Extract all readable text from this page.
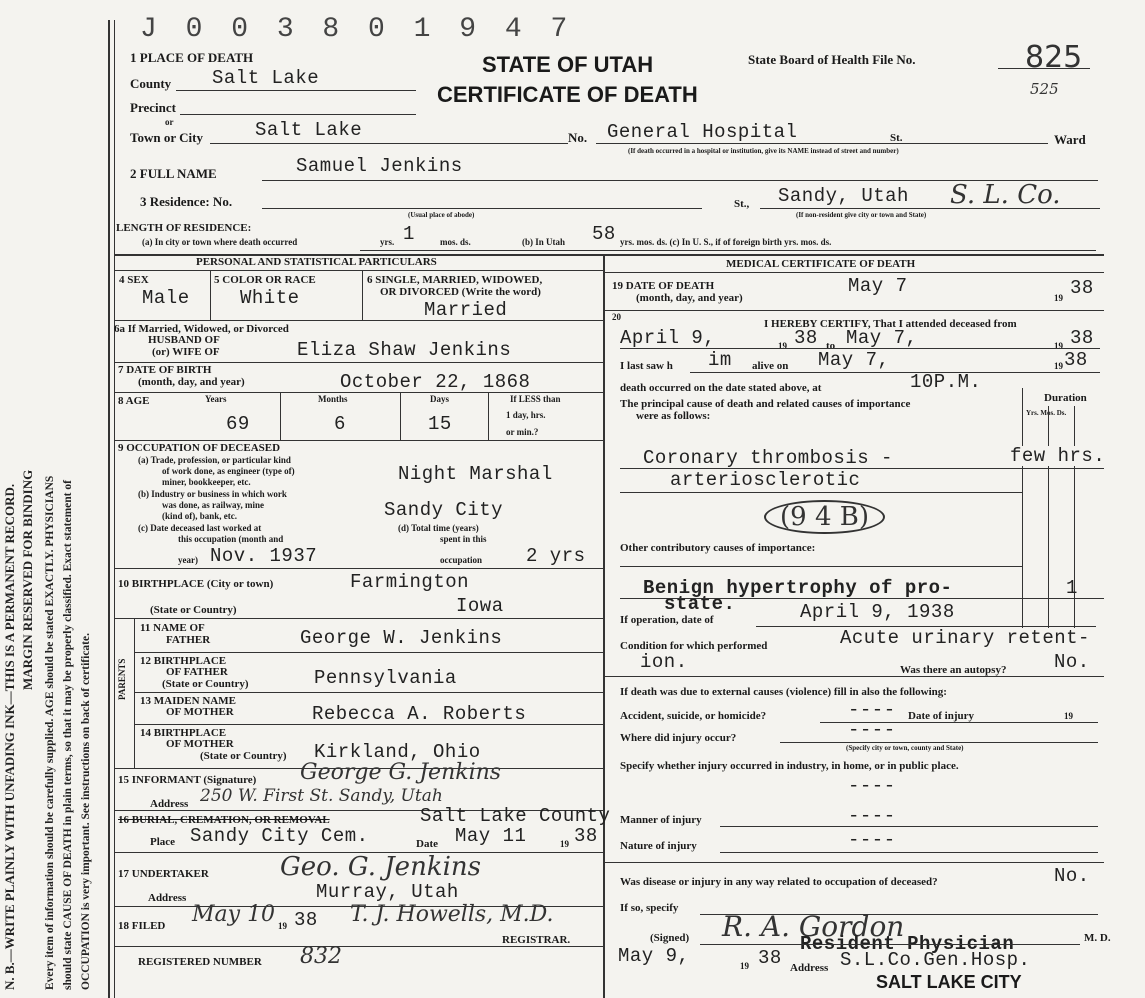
N. B.—WRITE PLAINLY WITH UNFADING INK—THIS IS A PERMANENT RECORD. Every item of information should be carefully supplied. AGE should be stated EXACTLY. PHYSICIANS should state CAUSE OF DEATH in plain terms, so that it may be properly classified. Exact statement of OCCUPATION is very important. See instructions on back of certificate.
MARGIN RESERVED FOR BINDING
J 0 0 3 8 0 1 9 4 7
1 PLACE OF DEATH	STATE OF UTAH
CERTIFICATE OF DEATH
State Board of Health File No.	825
525
County Salt Lake
Precinct
or
Town or City	Salt Lake	No. General Hospital	St.	Ward
(If death occurred in a hospital or institution, give its NAME instead of street and number)
2 FULL NAME	Samuel Jenkins
3 Residence: No.
(Usual place of abode)
St., Sandy, Utah S. L. Co.
(If non-resident give city or town and State)
LENGTH OF RESIDENCE:
(a) In city or town where death occurred	yrs. 1	mos. ds.	(b) In Utah 58 yrs. mos. ds. (c) In U. S., if of foreign birth yrs. mos. ds.
PERSONAL AND STATISTICAL PARTICULARS
4 SEX
Male
5 COLOR OR RACE
White
6 SINGLE, MARRIED, WIDOWED,
OR DIVORCED (Write the word)
Married
6a If Married, Widowed, or Divorced
HUSBAND OF
(or) WIFE OF	Eliza Shaw Jenkins
7 DATE OF BIRTH
(month, day, and year)	October 22, 1868
8 AGE	Years
69
Months
6
Days
15
If LESS than
1 day, hrs.
or min.?
9 OCCUPATION OF DECEASED
(a) Trade, profession, or particular kind
of work done, as engineer (type of)
miner, bookkeeper, etc.	Night Marshal
(b) Industry or business in which work
was done, as railway, mine
(kind of), bank, etc.	Sandy City
(c) Date deceased last worked at
this occupation (month and
year) Nov. 1937
(d) Total time (years)
spent in this
occupation 2 yrs
10 BIRTHPLACE (City or town)	Farmington
(State or Country)	Iowa
PARENTS
11 NAME OF
FATHER	George W. Jenkins
12 BIRTHPLACE
OF FATHER
(State or Country)	Pennsylvania
13 MAIDEN NAME
OF MOTHER	Rebecca A. Roberts
14 BIRTHPLACE
OF MOTHER
(State or Country) Kirkland, Ohio
15 INFORMANT (Signature) George G. Jenkins
Address 250 W. First St. Sandy, Utah
16 BURIAL, CREMATION, OR REMOVAL	Salt Lake County
Place Sandy City Cem.	Date May 11	19 38
17 UNDERTAKER	Geo. G. Jenkins
Address	Murray, Utah
18 FILED May 10 19 38 T. J. Howells, M.D.
REGISTRAR.
REGISTERED NUMBER 832
MEDICAL CERTIFICATE OF DEATH
19 DATE OF DEATH
(month, day, and year)
May 7
19 38
20
I HEREBY CERTIFY, That I attended deceased from
April 9,	19 38 to May 7,	19 38
I last saw h im alive on May 7,	19 38
death occurred on the date stated above, at	10P.M.
The principal cause of death and related causes of importance
were as follows:
Duration
Yrs. Mos. Ds.
Coronary thrombosis -	few hrs.
arteriosclerotic
(9 4 B)
Other contributory causes of importance:
Benign hypertrophy of pro-	1
state.
If operation, date of	April 9, 1938
Condition for which performed	Acute urinary retent-
ion.	Was there an autopsy?	No.
If death was due to external causes (violence) fill in also the following:
Accident, suicide, or homicide?	---- Date of injury	19
Where did injury occur?	----
(Specify city or town, county and State)
Specify whether injury occurred in industry, in home, or in public place.
----
Manner of injury	----
Nature of injury	----
Was disease or injury in any way related to occupation of deceased?	No.
If so, specify
(Signed) R. A. Gordon	M. D.
Resident Physician
May 9,	19 38 Address S.L.Co.Gen.Hosp.
SALT LAKE CITY
